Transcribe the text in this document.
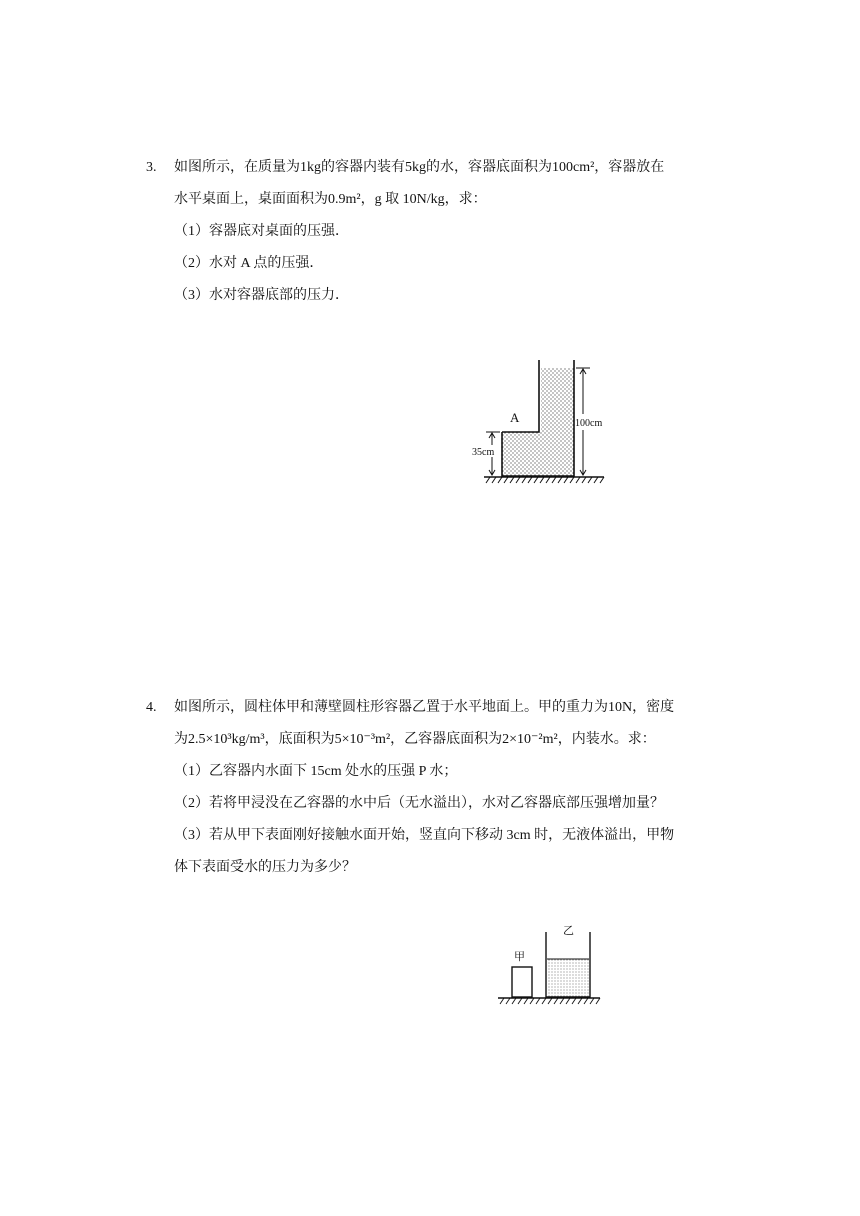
3. 如图所示，在质量为1kg的容器内装有5kg的水，容器底面积为100cm²，容器放在
水平桌面上，桌面面积为0.9m²，g 取 10N/kg，求：
（1）容器底对桌面的压强．
（2）水对 A 点的压强．
（3）水对容器底部的压力．
A	100cm
35cm
4. 如图所示，圆柱体甲和薄壁圆柱形容器乙置于水平地面上。甲的重力为10N，密度
为2.5×10³kg/m³，底面积为5×10⁻³m²，乙容器底面积为2×10⁻²m²，内装水。求：
（1）乙容器内水面下 15cm 处水的压强 P 水；
（2）若将甲浸没在乙容器的水中后（无水溢出），水对乙容器底部压强增加量？
（3）若从甲下表面刚好接触水面开始，竖直向下移动 3cm 时，无液体溢出，甲物
体下表面受水的压力为多少？
甲
乙
